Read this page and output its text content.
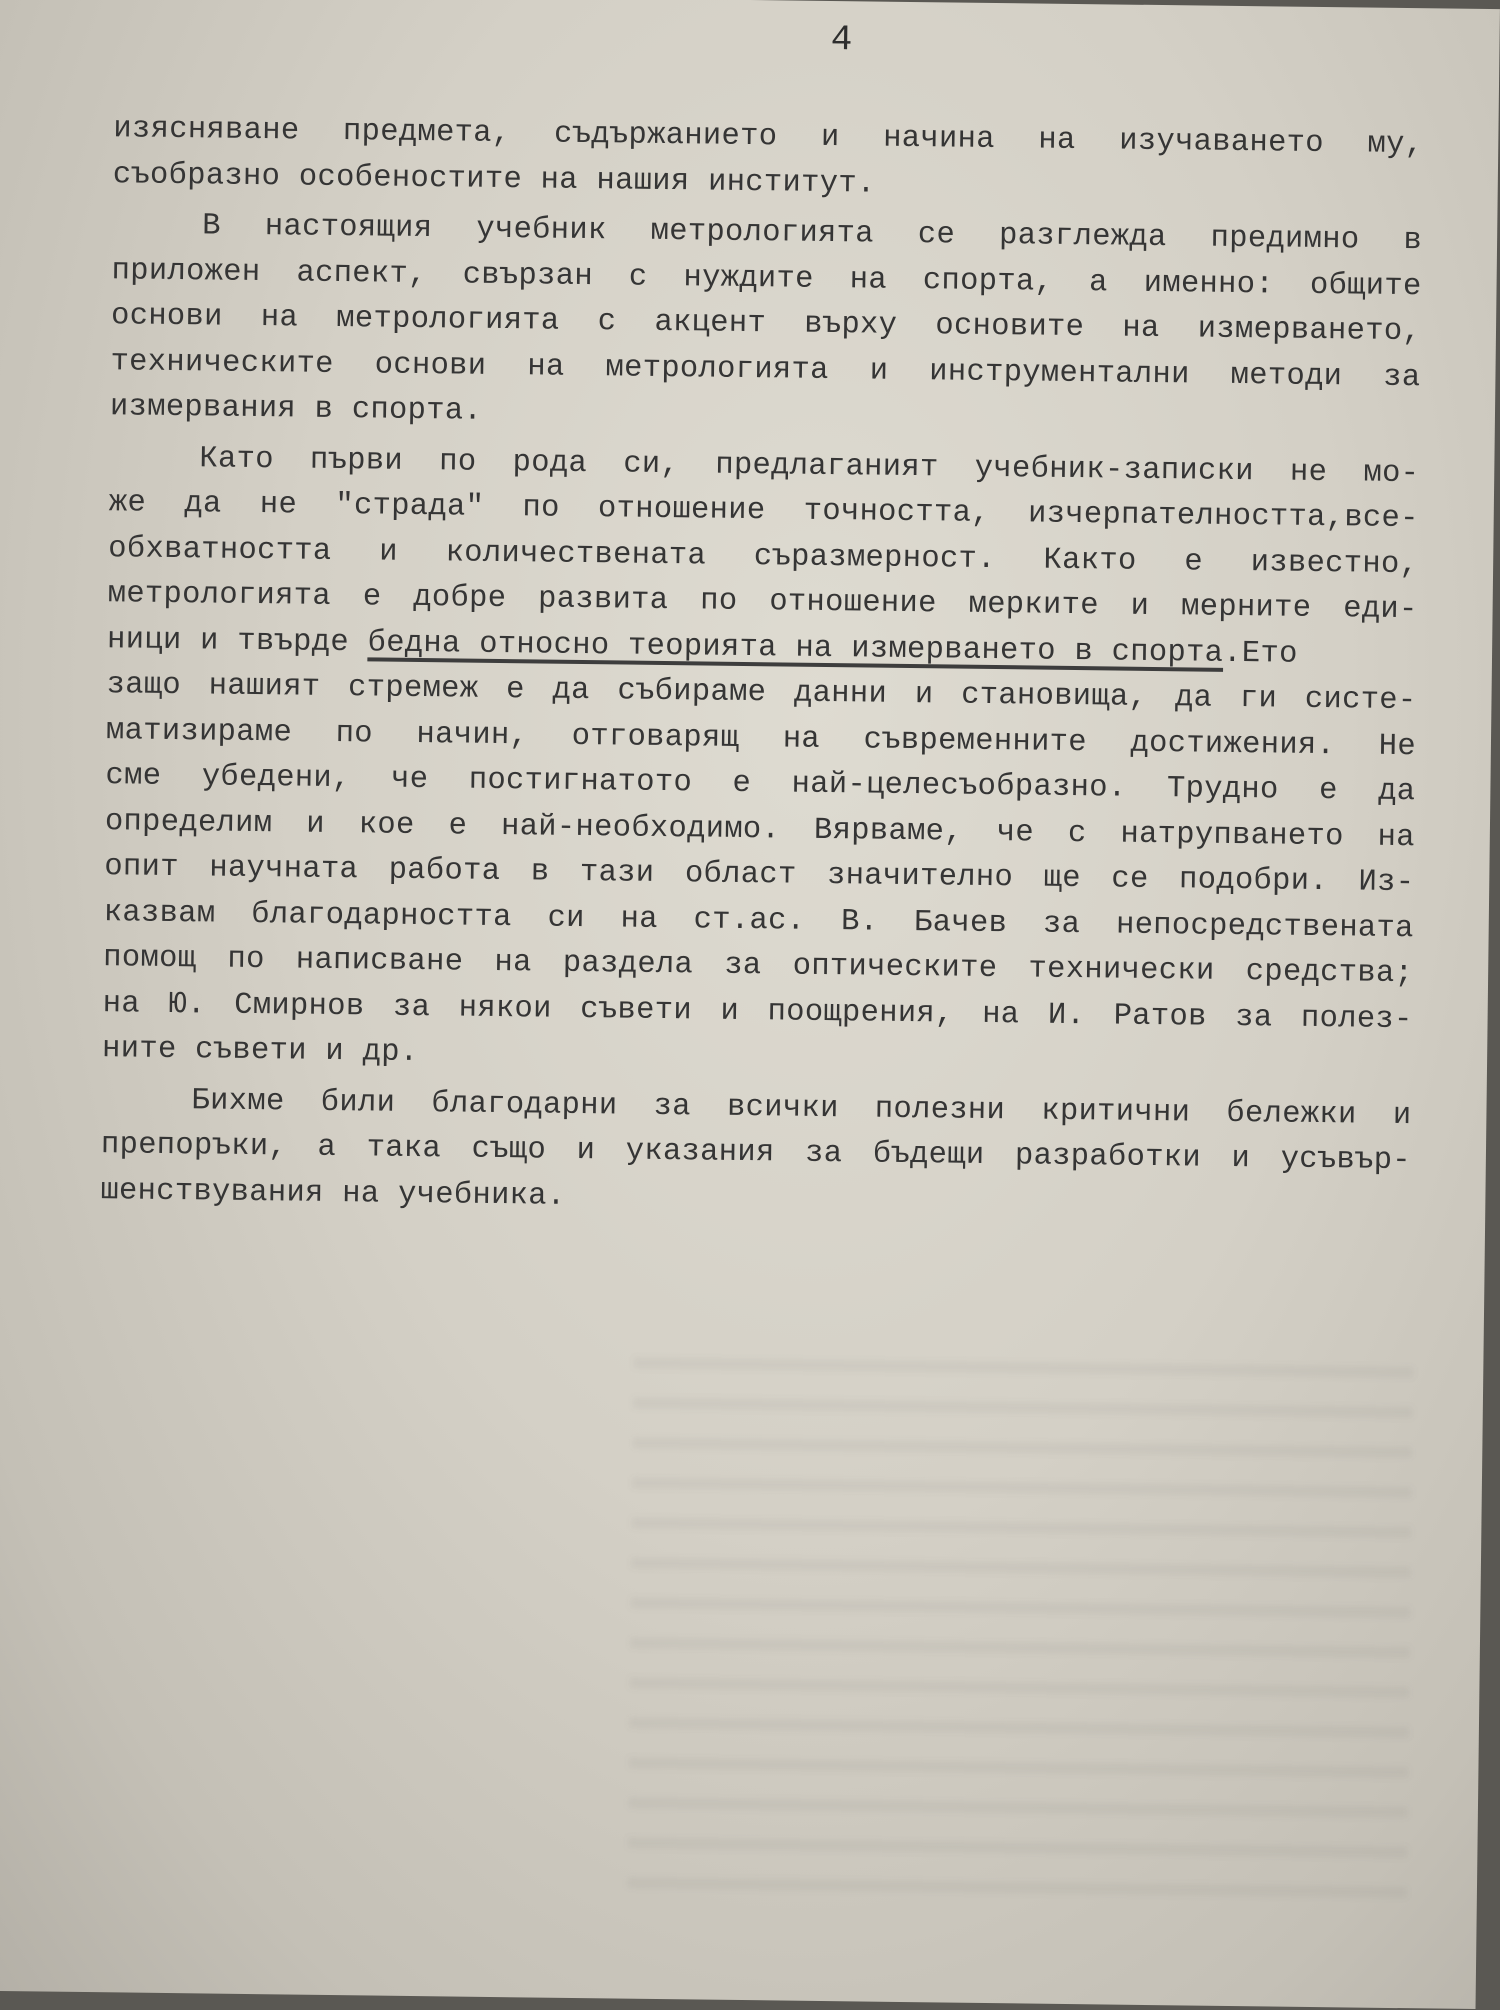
4
изясняване предмета, съдържанието и начина на изучаването му,
съобразно особеностите на нашия институт.
В настоящия учебник метрологията се разглежда предимно в
приложен аспект, свързан с нуждите на спорта, а именно: общите
основи на метрологията с акцент върху основите на измерването,
техническите основи на метрологията и инструментални методи за
измервания в спорта.
Като първи по рода си, предлаганият учебник-записки не мо-
же да не "страда" по отношение точността, изчерпателността,все-
обхватността и количествената съразмерност. Както е известно,
метрологията е добре развита по отношение мерките и мерните еди-
ници и твърде бедна относно теорията на измерването в спорта.Ето
защо нашият стремеж е да събираме данни и становища, да ги систе-
матизираме по начин, отговарящ на съвременните достижения. Не
сме убедени, че постигнатото е най-целесъобразно. Трудно е да
определим и кое е най-необходимо. Вярваме, че с натрупването на
опит научната работа в тази област значително ще се подобри. Из-
казвам благодарността си на ст.ас. В. Бачев за непосредствената
помощ по написване на раздела за оптическите технически средства;
на Ю. Смирнов за някои съвети и поощрения, на И. Ратов за полез-
ните съвети и др.
Бихме били благодарни за всички полезни критични бележки и
препоръки, а така също и указания за бъдещи разработки и усъвър-
шенствувания на учебника.
